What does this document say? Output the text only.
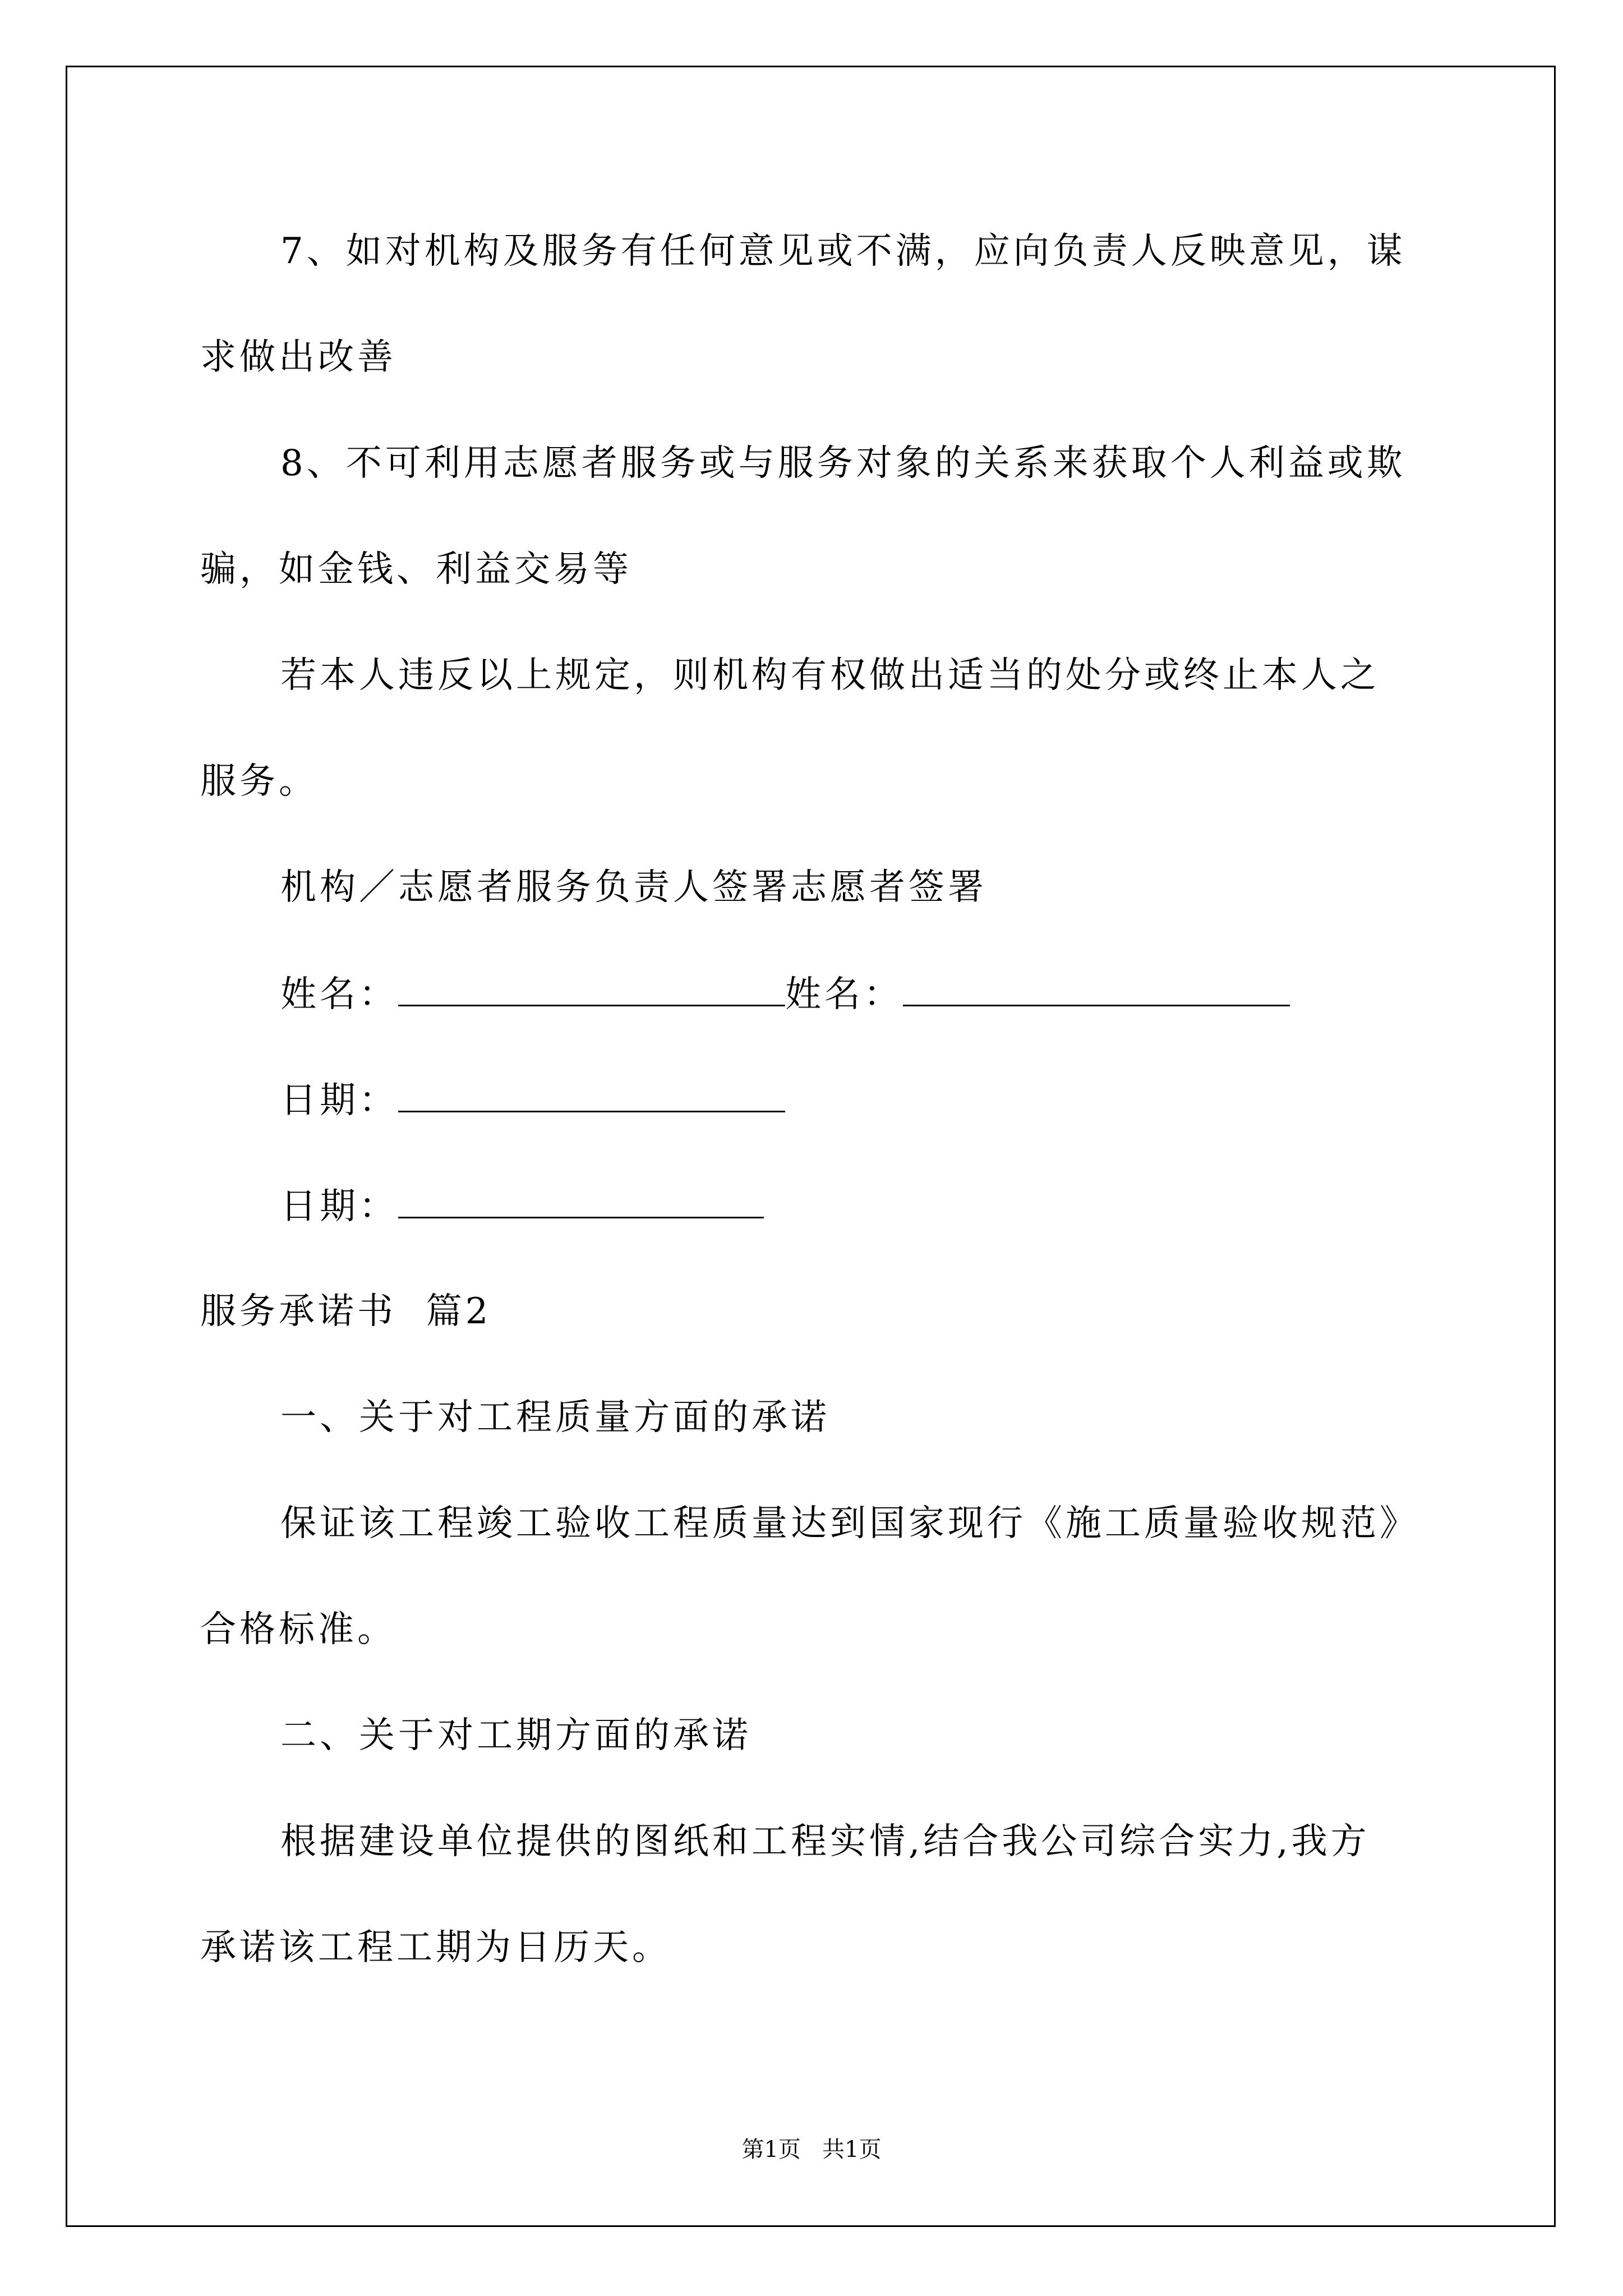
7、如对机构及服务有任何意见或不满，应向负责人反映意见，谋
求做出改善
8、不可利用志愿者服务或与服务对象的关系来获取个人利益或欺
骗，如金钱、利益交易等
若本人违反以上规定，则机构有权做出适当的处分或终止本人之
服务。
机构／志愿者服务负责人签署志愿者签署
姓名：	姓名：
日期：
日期：
服务承诺书  篇2
一、关于对工程质量方面的承诺
保证该工程竣工验收工程质量达到国家现行《施工质量验收规范》
合格标准。
二、关于对工期方面的承诺
根据建设单位提供的图纸和工程实情,结合我公司综合实力,我方
承诺该工程工期为日历天。
第1页   共1页
